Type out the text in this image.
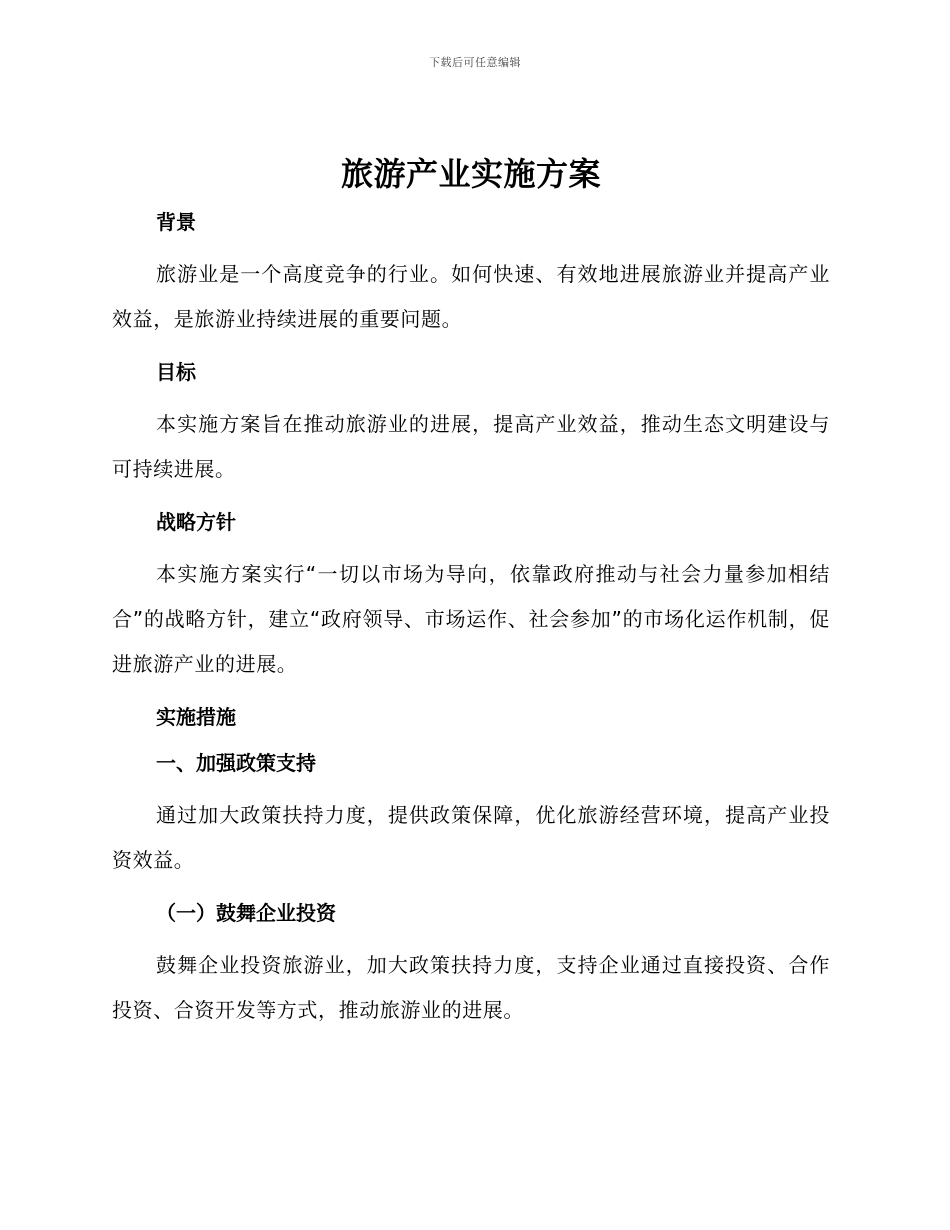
下载后可任意编辑
旅游产业实施方案
背景

旅游业是一个高度竞争的行业。如何快速、有效地进展旅游业并提高产业效益，是旅游业持续进展的重要问题。

目标

本实施方案旨在推动旅游业的进展，提高产业效益，推动生态文明建设与可持续进展。

战略方针

本实施方案实行“一切以市场为导向，依靠政府推动与社会力量参加相结合”的战略方针，建立“政府领导、市场运作、社会参加”的市场化运作机制，促进旅游产业的进展。

实施措施
一、加强政策支持

通过加大政策扶持力度，提供政策保障，优化旅游经营环境，提高产业投资效益。

（一）鼓舞企业投资

鼓舞企业投资旅游业，加大政策扶持力度，支持企业通过直接投资、合作投资、合资开发等方式，推动旅游业的进展。
